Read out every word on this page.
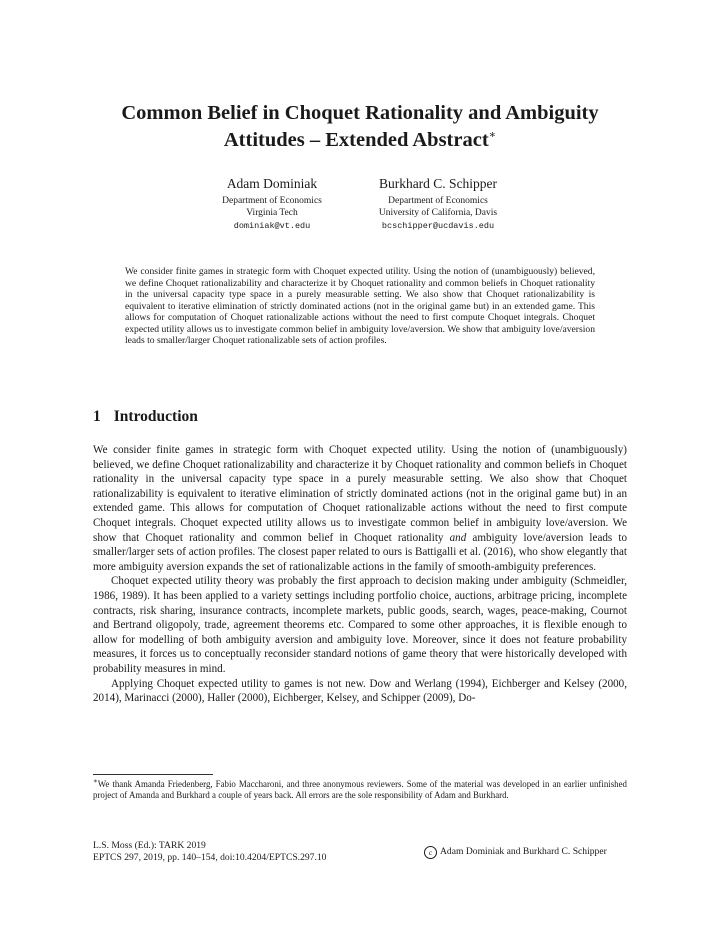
Common Belief in Choquet Rationality and Ambiguity
Attitudes – Extended Abstract∗
Adam Dominiak
Department of Economics
Virginia Tech
dominiak@vt.edu
Burkhard C. Schipper
Department of Economics
University of California, Davis
bcschipper@ucdavis.edu
We consider finite games in strategic form with Choquet expected utility. Using the notion of (unambiguously) believed, we define Choquet rationalizability and characterize it by Choquet rationality and common beliefs in Choquet rationality in the universal capacity type space in a purely measurable setting. We also show that Choquet rationalizability is equivalent to iterative elimination of strictly dominated actions (not in the original game but) in an extended game. This allows for computation of Choquet rationalizable actions without the need to first compute Choquet integrals. Choquet expected utility allows us to investigate common belief in ambiguity love/aversion. We show that ambiguity love/aversion leads to smaller/larger Choquet rationalizable sets of action profiles.
1 Introduction

We consider finite games in strategic form with Choquet expected utility. Using the notion of (unambiguously) believed, we define Choquet rationalizability and characterize it by Choquet rationality and common beliefs in Choquet rationality in the universal capacity type space in a purely measurable setting. We also show that Choquet rationalizability is equivalent to iterative elimination of strictly dominated actions (not in the original game but) in an extended game. This allows for computation of Choquet rationalizable actions without the need to first compute Choquet integrals. Choquet expected utility allows us to investigate common belief in ambiguity love/aversion. We show that Choquet rationality and common belief in Choquet rationality and ambiguity love/aversion leads to smaller/larger sets of action profiles. The closest paper related to ours is Battigalli et al. (2016), who show elegantly that more ambiguity aversion expands the set of rationalizable actions in the family of smooth-ambiguity preferences.

Choquet expected utility theory was probably the first approach to decision making under ambiguity (Schmeidler, 1986, 1989). It has been applied to a variety settings including portfolio choice, auctions, arbitrage pricing, incomplete contracts, risk sharing, insurance contracts, incomplete markets, public goods, search, wages, peace-making, Cournot and Bertrand oligopoly, trade, agreement theorems etc. Compared to some other approaches, it is flexible enough to allow for modelling of both ambiguity aversion and ambiguity love. Moreover, since it does not feature probability measures, it forces us to conceptually reconsider standard notions of game theory that were historically developed with probability measures in mind.

Applying Choquet expected utility to games is not new. Dow and Werlang (1994), Eichberger and Kelsey (2000, 2014), Marinacci (2000), Haller (2000), Eichberger, Kelsey, and Schipper (2009), Do-

∗We thank Amanda Friedenberg, Fabio Maccharoni, and three anonymous reviewers. Some of the material was developed in an earlier unfinished project of Amanda and Burkhard a couple of years back. All errors are the sole responsibility of Adam and Burkhard.
L.S. Moss (Ed.): TARK 2019
EPTCS 297, 2019, pp. 140–154, doi:10.4204/EPTCS.297.10	c Adam Dominiak and Burkhard C. Schipper
